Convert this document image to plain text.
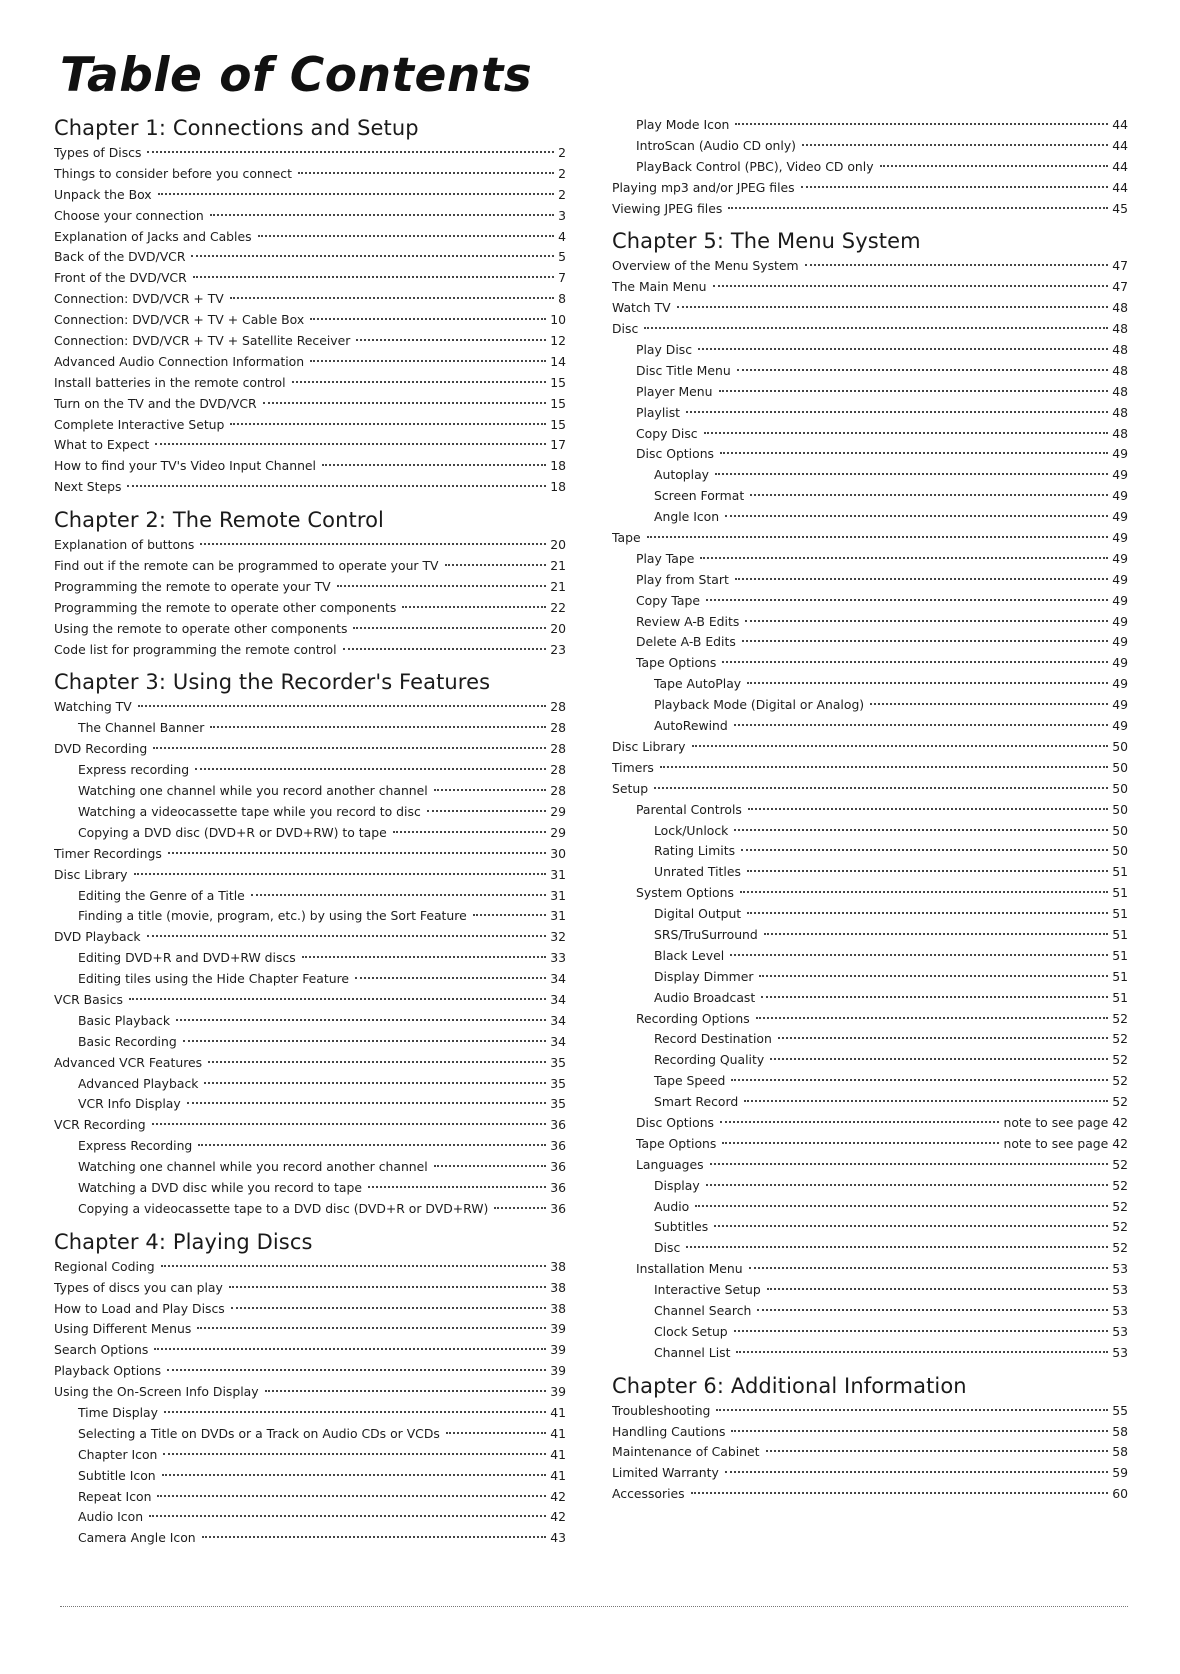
Table of Contents
Chapter 1: Connections and Setup
Types of Discs	2
Things to consider before you connect	2
Unpack the Box	2
Choose your connection	3
Explanation of Jacks and Cables	4
Back of the DVD/VCR	5
Front of the DVD/VCR	7
Connection: DVD/VCR + TV	8
Connection: DVD/VCR + TV + Cable Box	10
Connection: DVD/VCR + TV + Satellite Receiver	12
Advanced Audio Connection Information	14
Install batteries in the remote control	15
Turn on the TV and the DVD/VCR	15
Complete Interactive Setup	15
What to Expect	17
How to find your TV's Video Input Channel	18
Next Steps	18
Chapter 2: The Remote Control
Explanation of buttons	20
Find out if the remote can be programmed to operate your TV	21
Programming the remote to operate your TV	21
Programming the remote to operate other components	22
Using the remote to operate other components	20
Code list for programming the remote control	23
Chapter 3: Using the Recorder's Features
Watching TV	28
The Channel Banner	28
DVD Recording	28
Express recording	28
Watching one channel while you record another channel	28
Watching a videocassette tape while you record to disc	29
Copying a DVD disc (DVD+R or DVD+RW) to tape	29
Timer Recordings	30
Disc Library	31
Editing the Genre of a Title	31
Finding a title (movie, program, etc.) by using the Sort Feature	31
DVD Playback	32
Editing DVD+R and DVD+RW discs	33
Editing tiles using the Hide Chapter Feature	34
VCR Basics	34
Basic Playback	34
Basic Recording	34
Advanced VCR Features	35
Advanced Playback	35
VCR Info Display	35
VCR Recording	36
Express Recording	36
Watching one channel while you record another channel	36
Watching a DVD disc while you record to tape	36
Copying a videocassette tape to a DVD disc (DVD+R or DVD+RW)	36
Chapter 4: Playing Discs
Regional Coding	38
Types of discs you can play	38
How to Load and Play Discs	38
Using Different Menus	39
Search Options	39
Playback Options	39
Using the On-Screen Info Display	39
Time Display	41
Selecting a Title on DVDs or a Track on Audio CDs or VCDs	41
Chapter Icon	41
Subtitle Icon	41
Repeat Icon	42
Audio Icon	42
Camera Angle Icon	43
Play Mode Icon	44
IntroScan (Audio CD only)	44
PlayBack Control (PBC), Video CD only	44
Playing mp3 and/or JPEG files	44
Viewing JPEG files	45
Chapter 5: The Menu System
Overview of the Menu System	47
The Main Menu	47
Watch TV	48
Disc	48
Play Disc	48
Disc Title Menu	48
Player Menu	48
Playlist	48
Copy Disc	48
Disc Options	49
Autoplay	49
Screen Format	49
Angle Icon	49
Tape	49
Play Tape	49
Play from Start	49
Copy Tape	49
Review A-B Edits	49
Delete A-B Edits	49
Tape Options	49
Tape AutoPlay	49
Playback Mode (Digital or Analog)	49
AutoRewind	49
Disc Library	50
Timers	50
Setup	50
Parental Controls	50
Lock/Unlock	50
Rating Limits	50
Unrated Titles	51
System Options	51
Digital Output	51
SRS/TruSurround	51
Black Level	51
Display Dimmer	51
Audio Broadcast	51
Recording Options	52
Record Destination	52
Recording Quality	52
Tape Speed	52
Smart Record	52
Disc Options	note to see page 42
Tape Options	note to see page 42
Languages	52
Display	52
Audio	52
Subtitles	52
Disc	52
Installation Menu	53
Interactive Setup	53
Channel Search	53
Clock Setup	53
Channel List	53
Chapter 6: Additional Information
Troubleshooting	55
Handling Cautions	58
Maintenance of Cabinet	58
Limited Warranty	59
Accessories	60
